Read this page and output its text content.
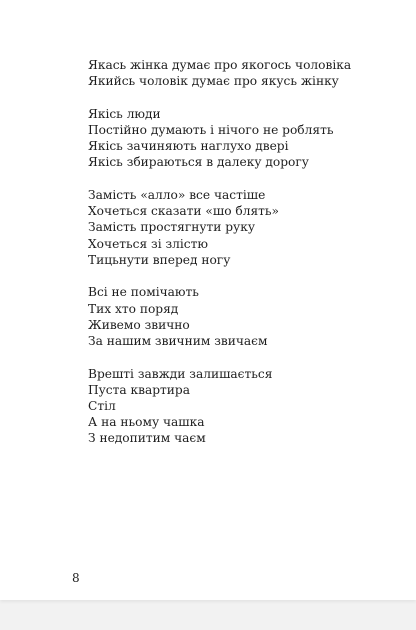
Якась жінка думає про якогось чоловіка
Якийсь чоловік думає про якусь жінку
Якісь люди
Постійно думають і нічого не роблять
Якісь зачиняють наглухо двері
Якісь збираються в далеку дорогу
Замість «алло» все частіше
Хочеться сказати «шо блять»
Замість простягнути руку
Хочеться зі злістю
Тицьнути вперед ногу
Всі не помічають
Тих хто поряд
Живемо звично
За нашим звичним звичаєм
Врешті завжди залишається
Пуста квартира
Стіл
А на ньому чашка
З недопитим чаєм
8
